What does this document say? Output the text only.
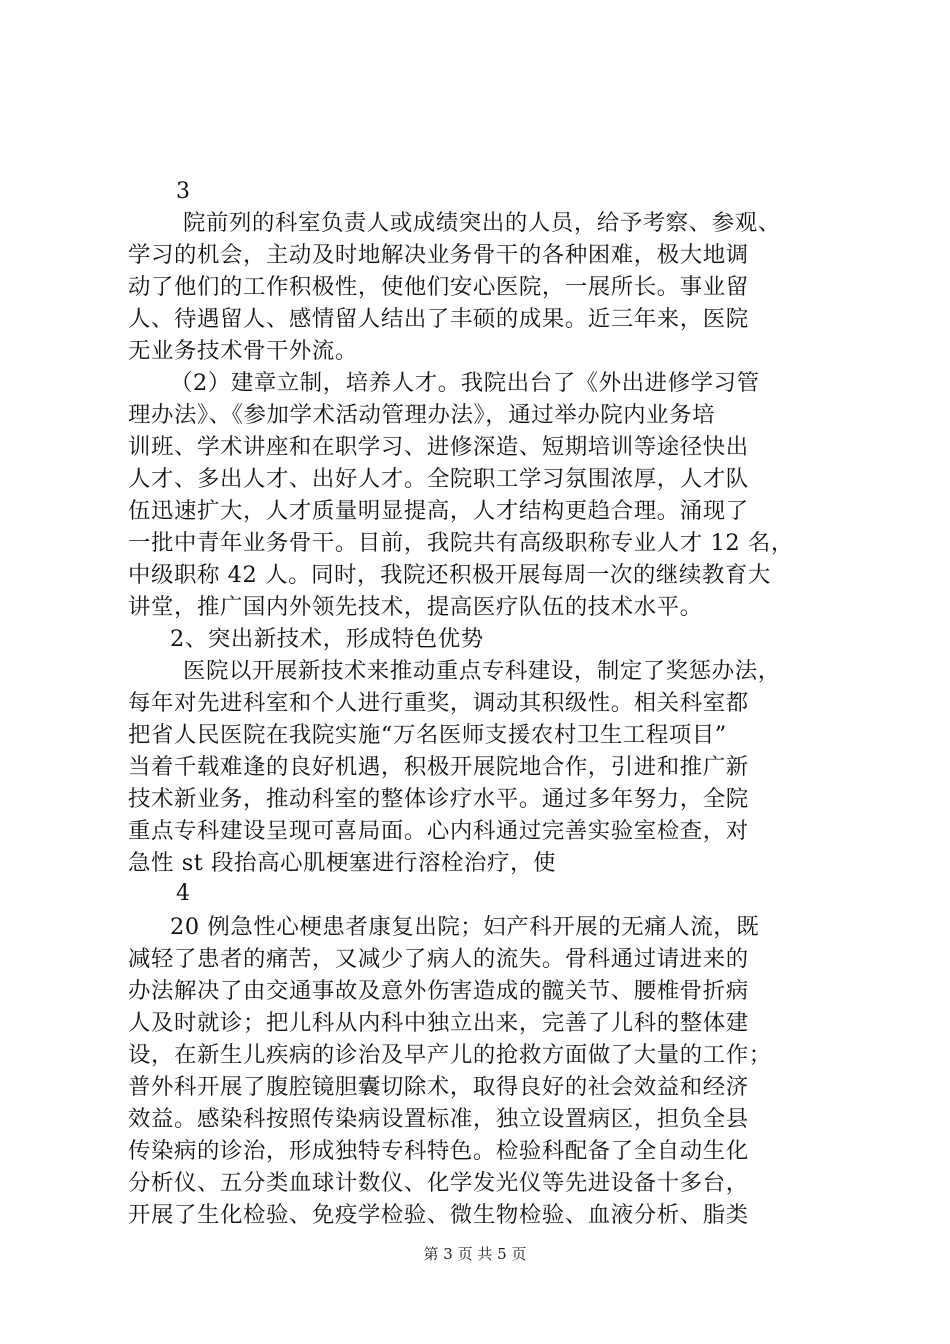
3
院前列的科室负责人或成绩突出的人员，给予考察、参观、
学习的机会，主动及时地解决业务骨干的各种困难，极大地调
动了他们的工作积极性，使他们安心医院，一展所长。事业留
人、待遇留人、感情留人结出了丰硕的成果。近三年来，医院
无业务技术骨干外流。
（2）建章立制，培养人才。我院出台了《外出进修学习管
理办法》、《参加学术活动管理办法》，通过举办院内业务培
训班、学术讲座和在职学习、进修深造、短期培训等途径快出
人才、多出人才、出好人才。全院职工学习氛围浓厚，人才队
伍迅速扩大，人才质量明显提高，人才结构更趋合理。涌现了
一批中青年业务骨干。目前，我院共有高级职称专业人才 12 名，
中级职称 42 人。同时，我院还积极开展每周一次的继续教育大
讲堂，推广国内外领先技术，提高医疗队伍的技术水平。
2、突出新技术，形成特色优势
医院以开展新技术来推动重点专科建设，制定了奖惩办法，
每年对先进科室和个人进行重奖，调动其积级性。相关科室都
把省人民医院在我院实施“万名医师支援农村卫生工程项目”
当着千载难逢的良好机遇，积极开展院地合作，引进和推广新
技术新业务，推动科室的整体诊疗水平。通过多年努力，全院
重点专科建设呈现可喜局面。心内科通过完善实验室检查，对
急性 st 段抬高心肌梗塞进行溶栓治疗，使
4
20 例急性心梗患者康复出院；妇产科开展的无痛人流，既
减轻了患者的痛苦，又减少了病人的流失。骨科通过请进来的
办法解决了由交通事故及意外伤害造成的髋关节、腰椎骨折病
人及时就诊；把儿科从内科中独立出来，完善了儿科的整体建
设，在新生儿疾病的诊治及早产儿的抢救方面做了大量的工作；
普外科开展了腹腔镜胆囊切除术，取得良好的社会效益和经济
效益。感染科按照传染病设置标准，独立设置病区，担负全县
传染病的诊治，形成独特专科特色。检验科配备了全自动生化
分析仪、五分类血球计数仪、化学发光仪等先进设备十多台，
开展了生化检验、免疫学检验、微生物检验、血液分析、脂类
第 3 页 共 5 页
